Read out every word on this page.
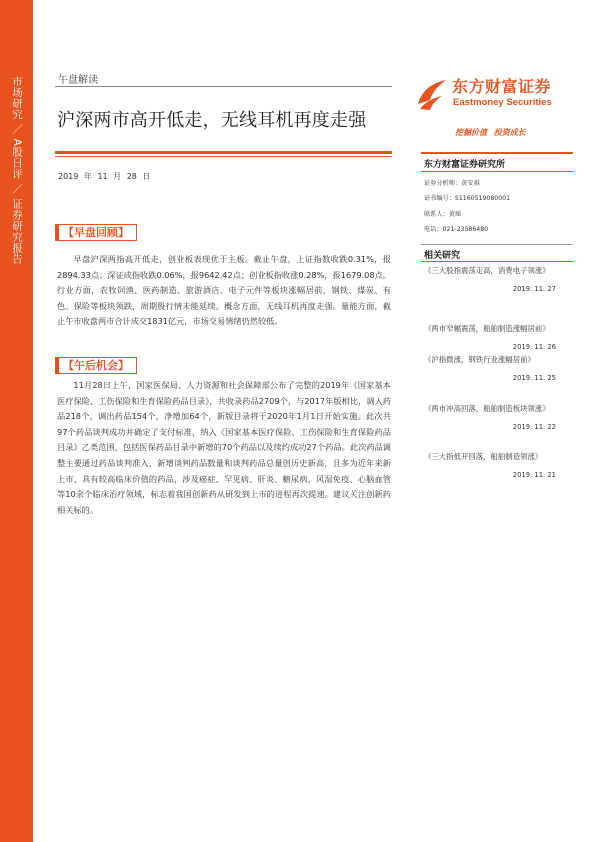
市场研究 ／ A股日评 ／ 证券研究报告	午盘解读
沪深两市高开低走，无线耳机再度走强
2019 年 11 月 28 日
【早盘回顾】
早盘沪深两指高开低走，创业板表现优于主板。截止午盘，上证指数收跌0.31%，报2894.33点；深证成指收跌0.06%，报9642.42点；创业板指收涨0.28%，报1679.08点。行业方面，农牧饲渔、医药制造、旅游酒店、电子元件等板块涨幅居前，钢铁、煤炭、有色、保险等板块领跌，周期股行情未能延续。概念方面，无线耳机再度走强。量能方面，截止午市收盘两市合计成交1831亿元，市场交易情绪仍然较低。
【午后机会】
11月28日上午，国家医保局、人力资源和社会保障部公布了完整的2019年《国家基本医疗保险、工伤保险和生育保险药品目录》，共收录药品2709个，与2017年版相比，调入药品218个，调出药品154个，净增加64个，新版目录将于2020年1月1日开始实施。此次共97个药品谈判成功并确定了支付标准，纳入《国家基本医疗保险、工伤保险和生育保险药品目录》乙类范围，包括医保药品目录中新增的70个药品以及续约成功27个药品。此次药品调整主要通过药品谈判准入，新增谈判药品数量和谈判药品总量创历史新高，且多为近年来新上市、具有较高临床价值的药品，涉及癌症、罕见病、肝炎、糖尿病、风湿免疫、心脑血管等10余个临床治疗领域，标志着我国创新药从研发到上市的进程再次提速。建议关注创新药相关标的。
东方财富证券
Eastmoney Securities
挖掘价值 投资成长
东方财富证券研究所
证券分析师：黄安祺
证书编号：S1160519080001
联系人：黄瑶
电话：021-23586480
相关研究
《三大股指震荡走高，消费电子领涨》
2019. 11. 27
《两市窄幅震荡，船舶制造涨幅居前》
2019. 11. 26
《沪指微涨，钢铁行业涨幅居前》
2019. 11. 25
《两市冲高回落，船舶制造板块领涨》
2019. 11. 22
《三大指低开回落，船舶制造领涨》
2019. 11. 21
